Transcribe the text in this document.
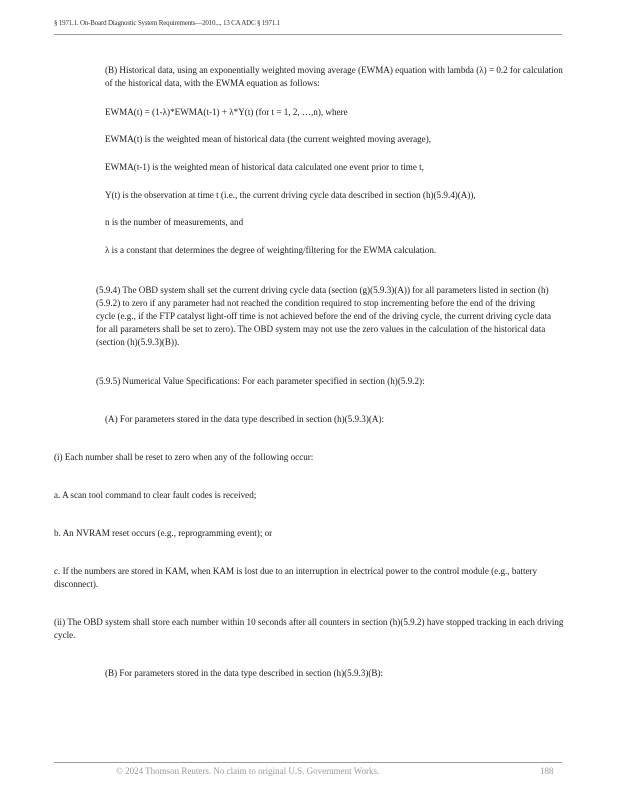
§ 1971.1. On-Board Diagnostic System Requirements—2010..., 13 CA ADC § 1971.1

(B) Historical data, using an exponentially weighted moving average (EWMA) equation with lambda (λ) = 0.2 for calculation of the historical data, with the EWMA equation as follows:

EWMA(t) = (1-λ)*EWMA(t-1) + λ*Y(t) (for t = 1, 2, …,n), where

EWMA(t) is the weighted mean of historical data (the current weighted moving average),

EWMA(t-1) is the weighted mean of historical data calculated one event prior to time t,

Y(t) is the observation at time t (i.e., the current driving cycle data described in section (h)(5.9.4)(A)),

n is the number of measurements, and

λ is a constant that determines the degree of weighting/filtering for the EWMA calculation.

(5.9.4) The OBD system shall set the current driving cycle data (section (g)(5.9.3)(A)) for all parameters listed in section (h)(5.9.2) to zero if any parameter had not reached the condition required to stop incrementing before the end of the driving cycle (e.g., if the FTP catalyst light-off time is not achieved before the end of the driving cycle, the current driving cycle data for all parameters shall be set to zero). The OBD system may not use the zero values in the calculation of the historical data (section (h)(5.9.3)(B)).

(5.9.5) Numerical Value Specifications: For each parameter specified in section (h)(5.9.2):

(A) For parameters stored in the data type described in section (h)(5.9.3)(A):

(i) Each number shall be reset to zero when any of the following occur:

a. A scan tool command to clear fault codes is received;

b. An NVRAM reset occurs (e.g., reprogramming event); or

c. If the numbers are stored in KAM, when KAM is lost due to an interruption in electrical power to the control module (e.g., battery disconnect).

(ii) The OBD system shall store each number within 10 seconds after all counters in section (h)(5.9.2) have stopped tracking in each driving cycle.

(B) For parameters stored in the data type described in section (h)(5.9.3)(B):

© 2024 Thomson Reuters. No claim to original U.S. Government Works.	188
